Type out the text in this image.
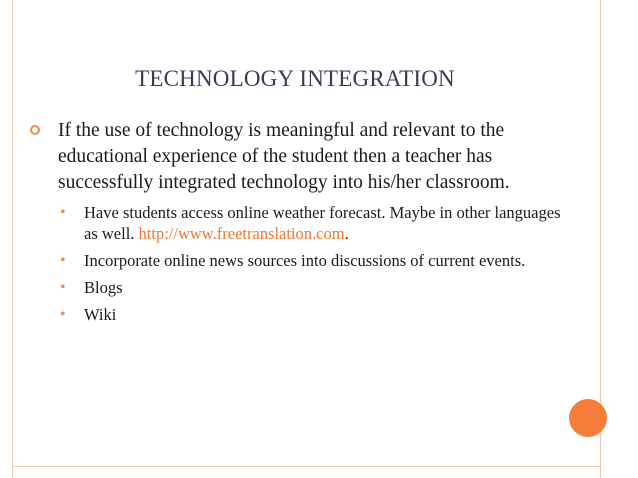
TECHNOLOGY INTEGRATION

If the use of technology is meaningful and relevant to the educational experience of the student then a teacher has successfully integrated technology into his/her classroom.

• Have students access online weather forecast. Maybe in other languages as well. http://www.freetranslation.com.
• Incorporate online news sources into discussions of current events.
• Blogs
• Wiki
